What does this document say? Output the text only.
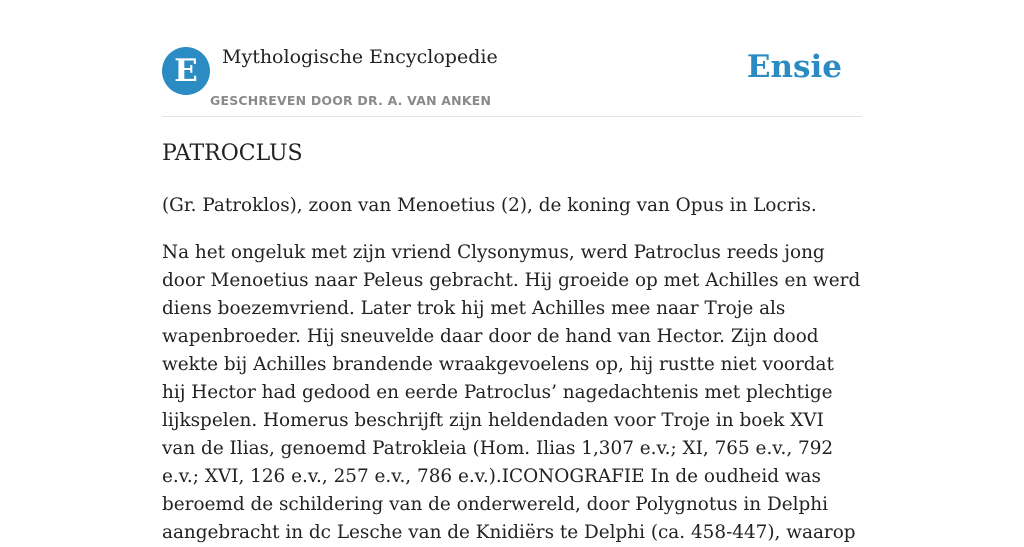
E	Mythologische Encyclopedie
GESCHREVEN DOOR DR. A. VAN ANKEN
Ensie
PATROCLUS

(Gr. Patroklos), zoon van Menoetius (2), de koning van Opus in Locris.

Na het ongeluk met zijn vriend Clysonymus, werd Patroclus reeds jong door Menoetius naar Peleus gebracht. Hij groeide op met Achilles en werd diens boezemvriend. Later trok hij met Achilles mee naar Troje als wapenbroeder. Hij sneuvelde daar door de hand van Hector. Zijn dood wekte bij Achilles brandende wraakgevoelens op, hij rustte niet voordat hij Hector had gedood en eerde Patroclus’ nagedachtenis met plechtige lijkspelen. Homerus beschrijft zijn heldendaden voor Troje in boek XVI van de Ilias, genoemd Patrokleia (Hom. Ilias 1,307 e.v.; XI, 765 e.v., 792 e.v.; XVI, 126 e.v., 257 e.v., 786 e.v.).ICONOGRAFIE In de oudheid was beroemd de schildering van de onderwereld, door Polygnotus in Delphi aangebracht in dc Lesche van de Knidiërs te Delphi (ca. 458-447), waarop
